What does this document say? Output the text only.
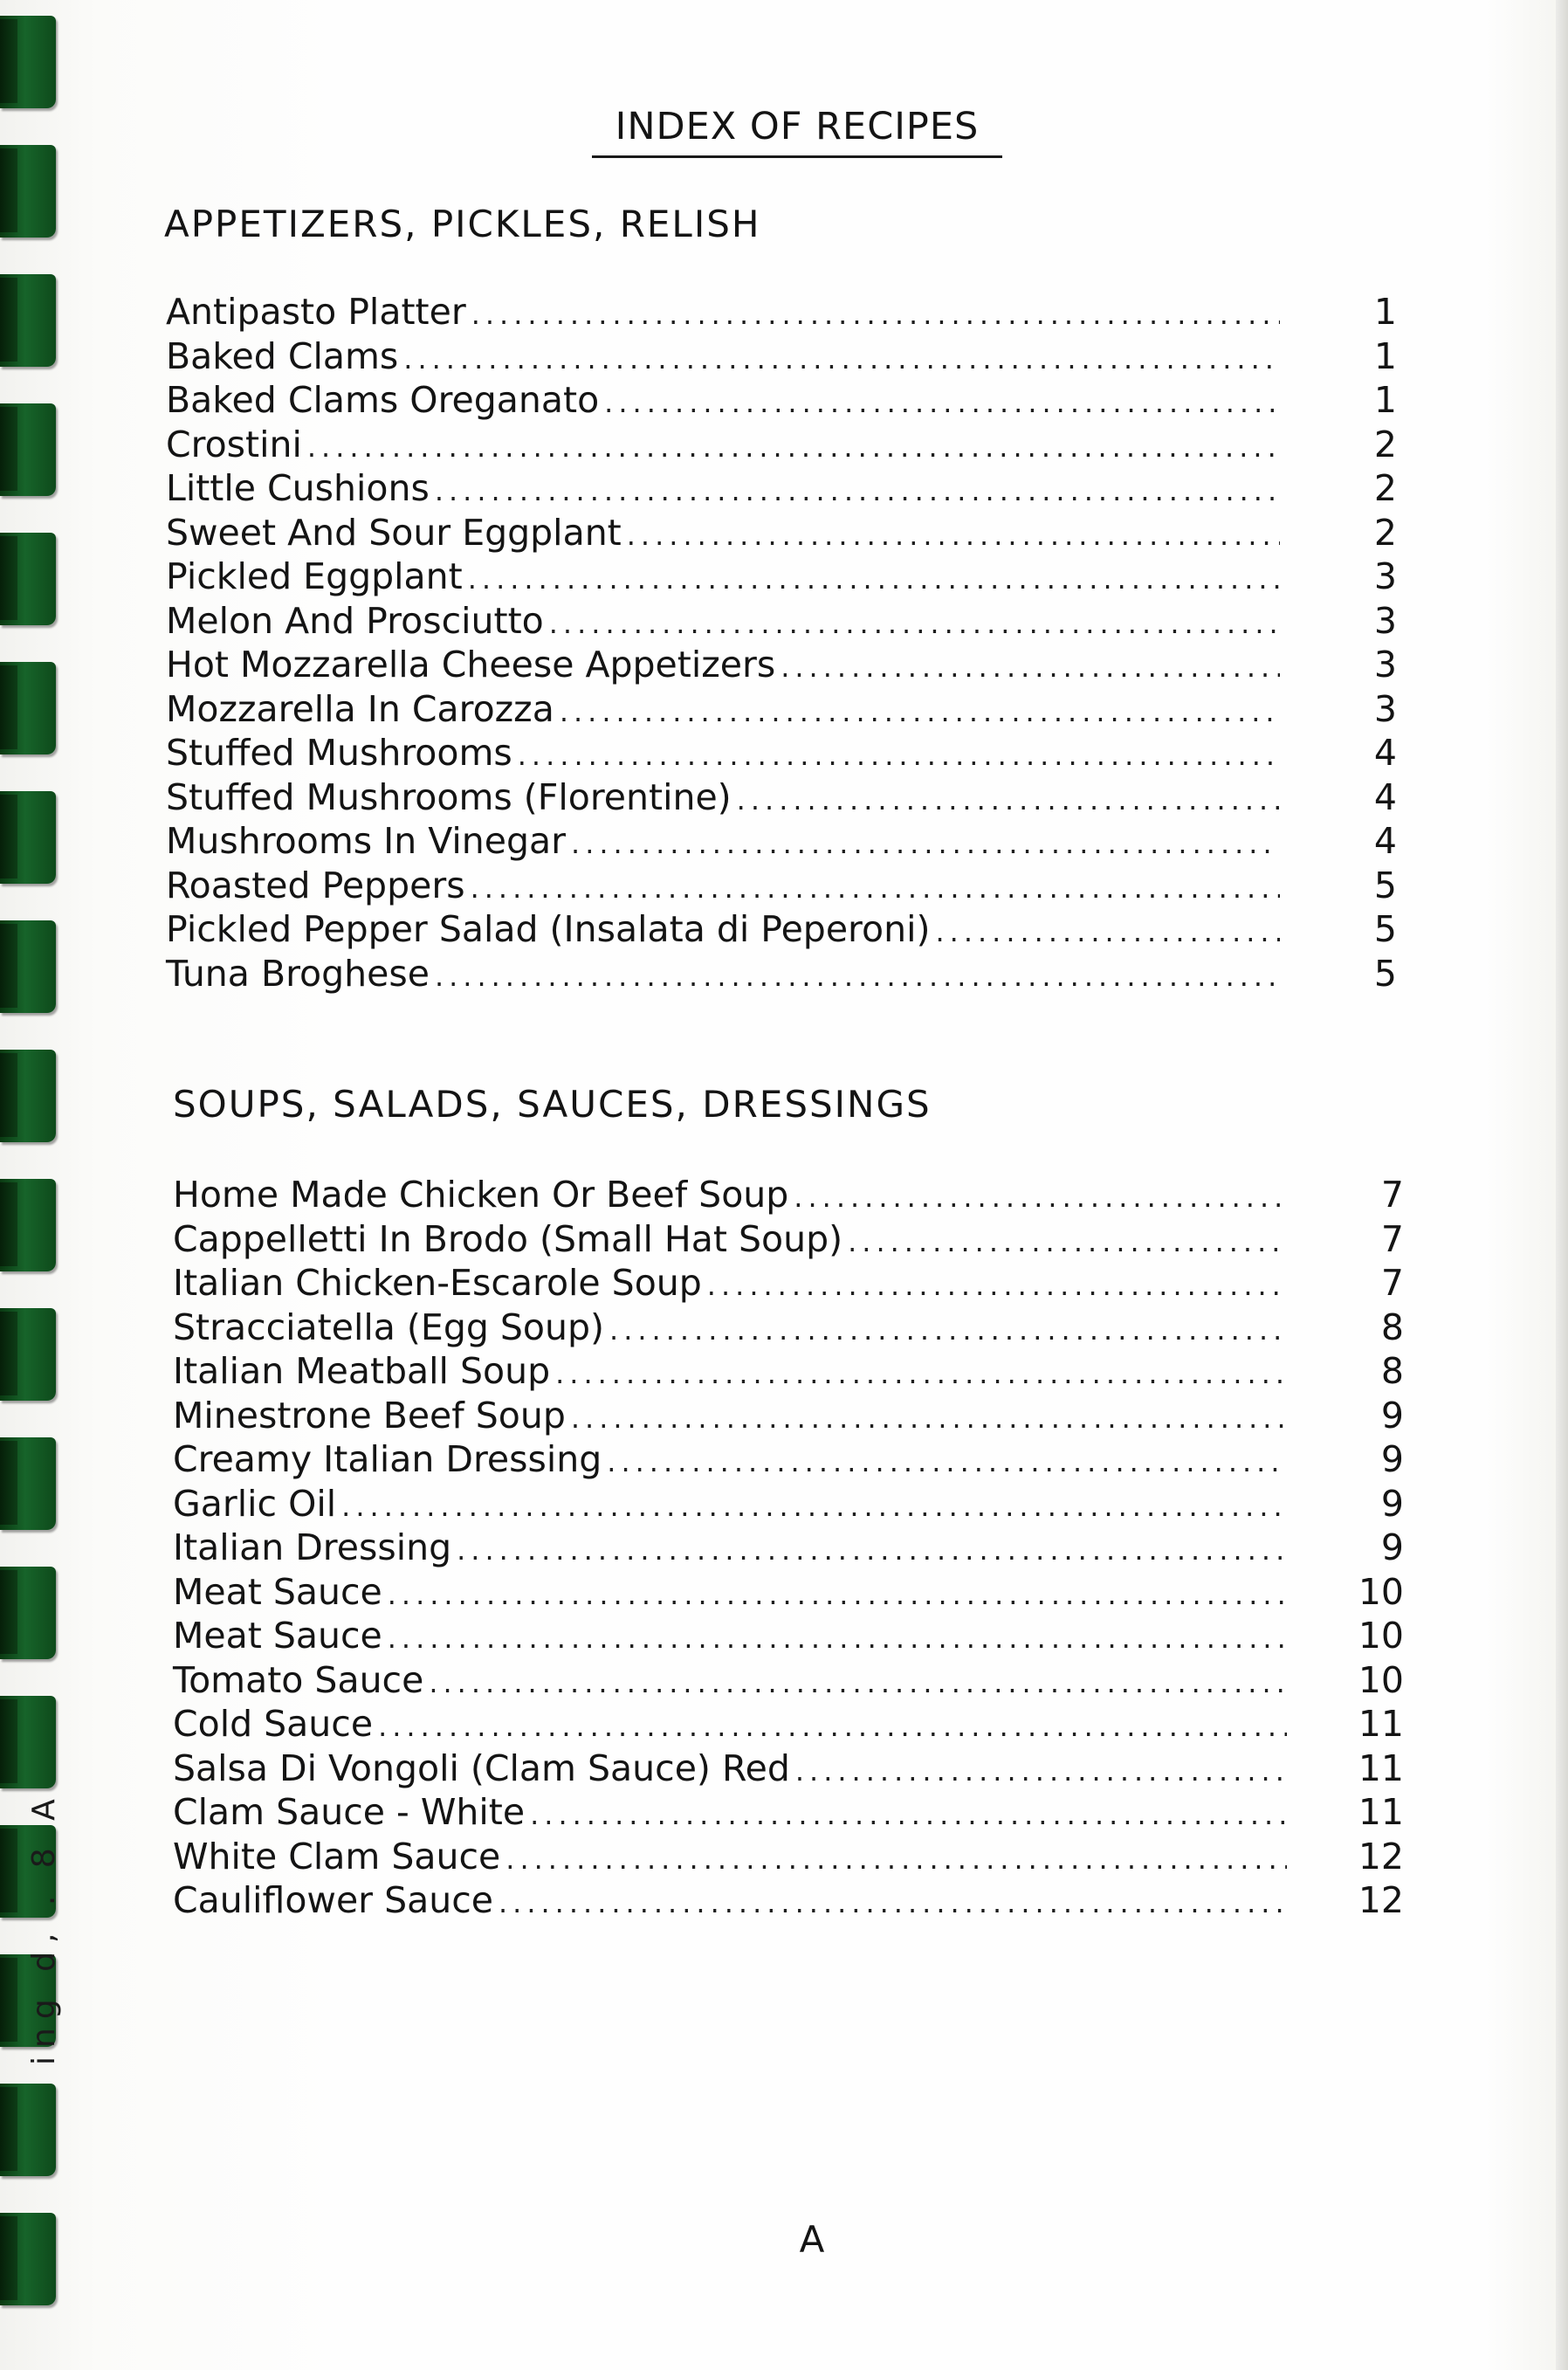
ing d, . 8 A
INDEX OF RECIPES
APPETIZERS, PICKLES, RELISH
Antipasto Platter .....	1
Baked Clams .....	1
Baked Clams Oreganato .....	1
Crostini .....	2
Little Cushions .....	2
Sweet And Sour Eggplant .....	2
Pickled Eggplant .....	3
Melon And Prosciutto .....	3
Hot Mozzarella Cheese Appetizers .....	3
Mozzarella In Carozza .....	3
Stuffed Mushrooms .....	4
Stuffed Mushrooms (Florentine) .....	4
Mushrooms In Vinegar .....	4
Roasted Peppers .....	5
Pickled Pepper Salad (Insalata di Peperoni) .....	5
Tuna Broghese .....	5
SOUPS, SALADS, SAUCES, DRESSINGS
Home Made Chicken Or Beef Soup .....	7
Cappelletti In Brodo (Small Hat Soup) .....	7
Italian Chicken-Escarole Soup .....	7
Stracciatella (Egg Soup) .....	8
Italian Meatball Soup .....	8
Minestrone Beef Soup .....	9
Creamy Italian Dressing .....	9
Garlic Oil .....	9
Italian Dressing .....	9
Meat Sauce .....	10
Meat Sauce .....	10
Tomato Sauce .....	10
Cold Sauce .....	11
Salsa Di Vongoli (Clam Sauce) Red .....	11
Clam Sauce - White .....	11
White Clam Sauce .....	12
Cauliflower Sauce .....	12
A
